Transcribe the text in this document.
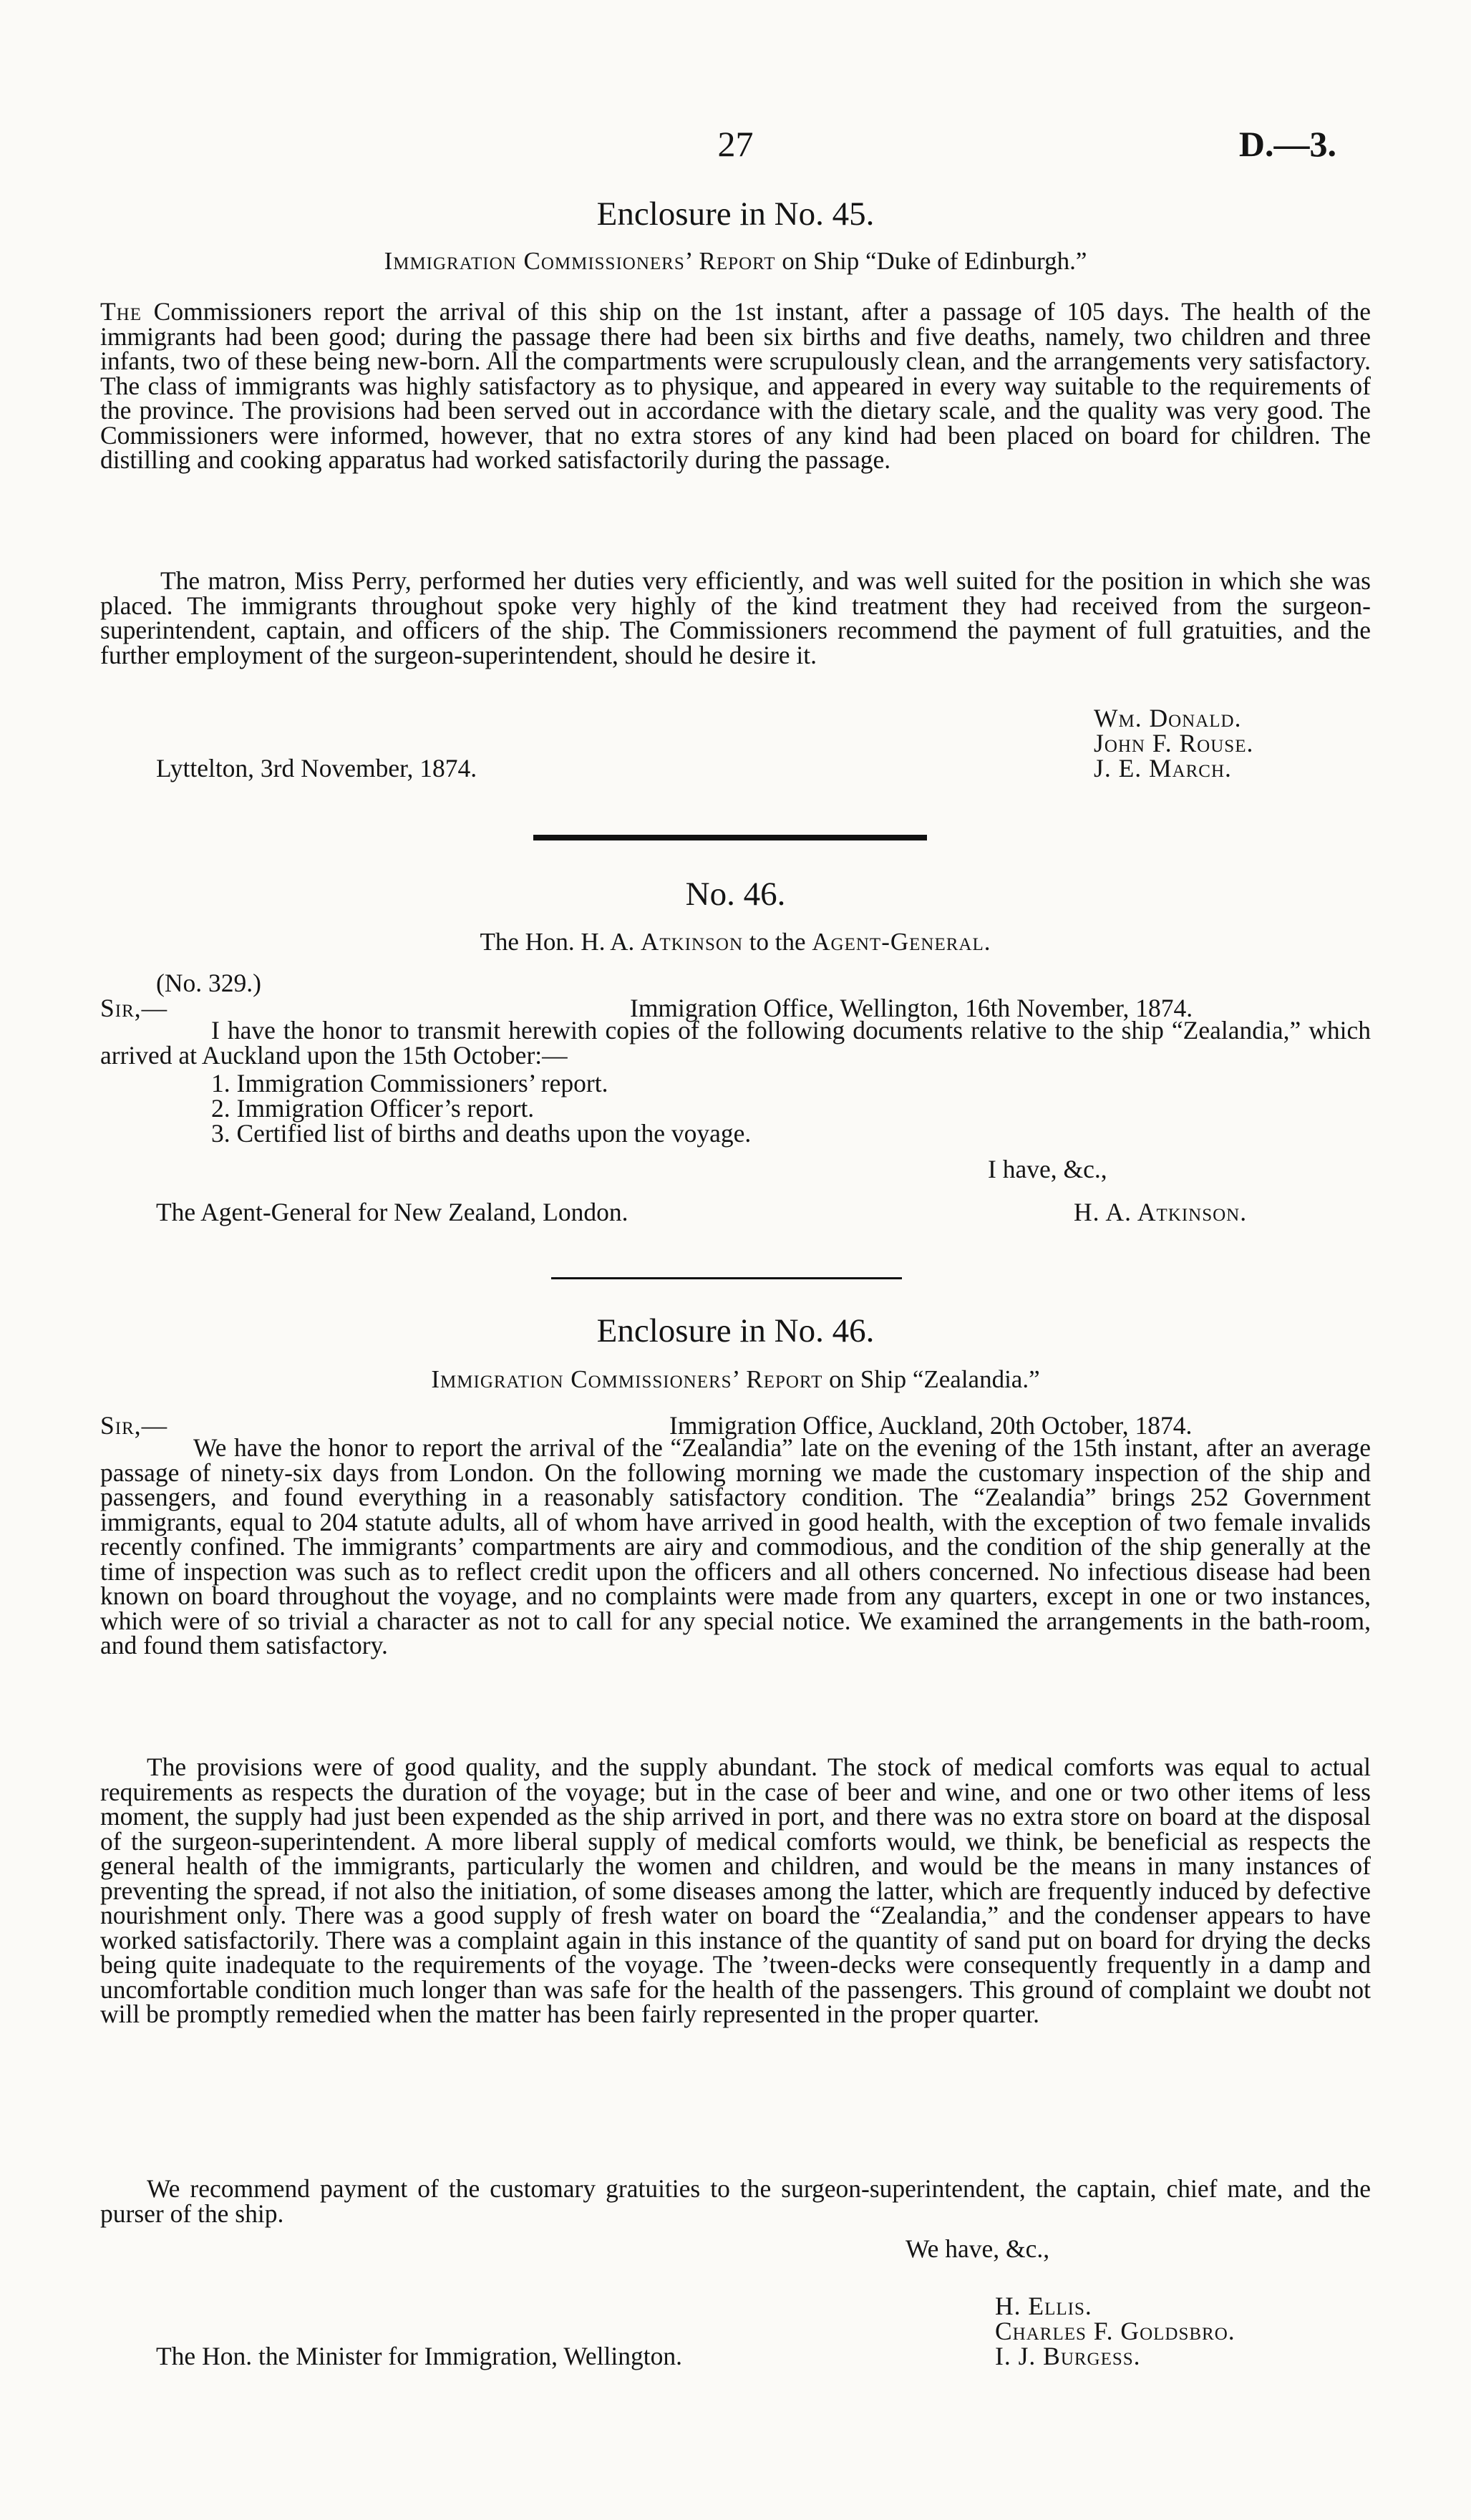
27	D.—3.
Enclosure in No. 45.
Immigration Commissioners’ Report on Ship “Duke of Edinburgh.”

The Commissioners report the arrival of this ship on the 1st instant, after a passage of 105 days. The health of the immigrants had been good; during the passage there had been six births and five deaths, namely, two children and three infants, two of these being new-born. All the compartments were scrupulously clean, and the arrangements very satisfactory. The class of immigrants was highly satisfactory as to physique, and appeared in every way suitable to the requirements of the province. The provisions had been served out in accordance with the dietary scale, and the quality was very good. The Commissioners were informed, however, that no extra stores of any kind had been placed on board for children. The distilling and cooking apparatus had worked satisfactorily during the passage.

The matron, Miss Perry, performed her duties very efficiently, and was well suited for the position in which she was placed. The immigrants throughout spoke very highly of the kind treatment they had received from the surgeon-superintendent, captain, and officers of the ship. The Commissioners recommend the payment of full gratuities, and the further employment of the surgeon-superintendent, should he desire it.

Wm. Donald.
John F. Rouse.
J. E. March.
Lyttelton, 3rd November, 1874.
No. 46.
The Hon. H. A. Atkinson to the Agent-General.
(No. 329.)
Sir,—	Immigration Office, Wellington, 16th November, 1874.

I have the honor to transmit herewith copies of the following documents relative to the ship “Zealandia,” which arrived at Auckland upon the 15th October:—

1. Immigration Commissioners’ report.
2. Immigration Officer’s report.
3. Certified list of births and deaths upon the voyage.
I have, &c.,
The Agent-General for New Zealand, London.	H. A. Atkinson.
Enclosure in No. 46.
Immigration Commissioners’ Report on Ship “Zealandia.”
Sir,—	Immigration Office, Auckland, 20th October, 1874.

We have the honor to report the arrival of the “Zealandia” late on the evening of the 15th instant, after an average passage of ninety-six days from London. On the following morning we made the customary inspection of the ship and passengers, and found everything in a reasonably satisfactory condition. The “Zealandia” brings 252 Government immigrants, equal to 204 statute adults, all of whom have arrived in good health, with the exception of two female invalids recently confined. The immigrants’ compartments are airy and commodious, and the condition of the ship generally at the time of inspection was such as to reflect credit upon the officers and all others concerned. No infectious disease had been known on board throughout the voyage, and no complaints were made from any quarters, except in one or two instances, which were of so trivial a character as not to call for any special notice. We examined the arrangements in the bath-room, and found them satisfactory.

The provisions were of good quality, and the supply abundant. The stock of medical comforts was equal to actual requirements as respects the duration of the voyage; but in the case of beer and wine, and one or two other items of less moment, the supply had just been expended as the ship arrived in port, and there was no extra store on board at the disposal of the surgeon-superintendent. A more liberal supply of medical comforts would, we think, be beneficial as respects the general health of the immigrants, particularly the women and children, and would be the means in many instances of preventing the spread, if not also the initiation, of some diseases among the latter, which are frequently induced by defective nourishment only. There was a good supply of fresh water on board the “Zealandia,” and the condenser appears to have worked satisfactorily. There was a complaint again in this instance of the quantity of sand put on board for drying the decks being quite inadequate to the requirements of the voyage. The ’tween-decks were consequently frequently in a damp and uncomfortable condition much longer than was safe for the health of the passengers. This ground of complaint we doubt not will be promptly remedied when the matter has been fairly represented in the proper quarter.

We recommend payment of the customary gratuities to the surgeon-superintendent, the captain, chief mate, and the purser of the ship.

We have, &c.,
H. Ellis.
Charles F. Goldsbro.
I. J. Burgess.
The Hon. the Minister for Immigration, Wellington.
